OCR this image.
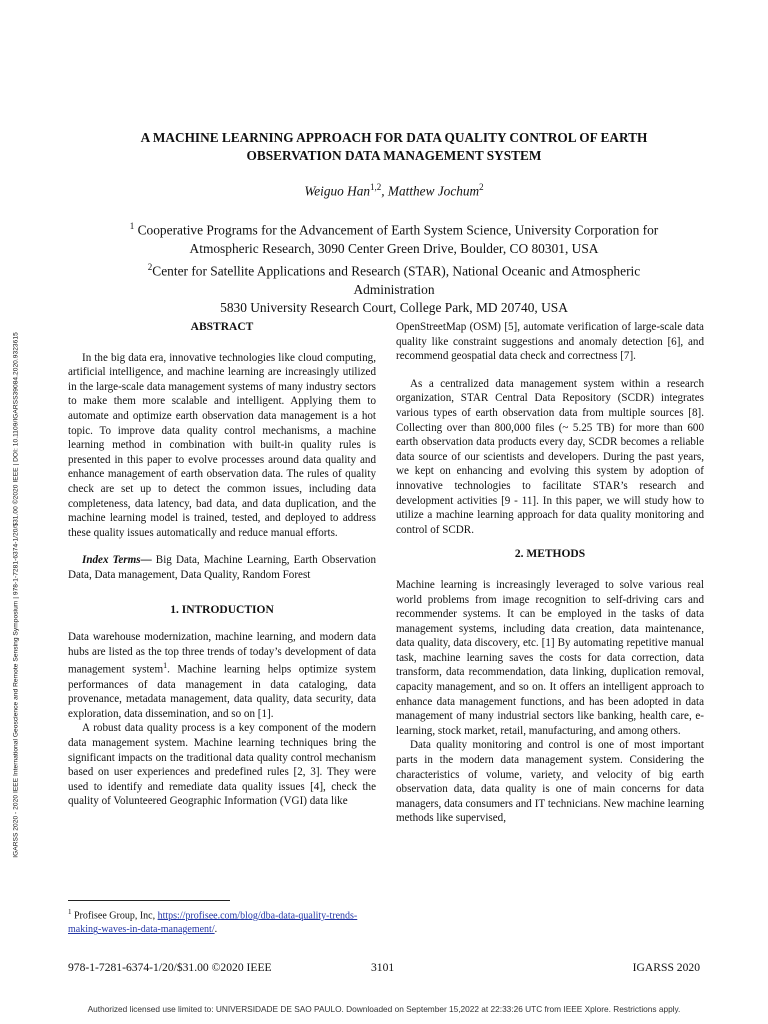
IGARSS 2020 - 2020 IEEE International Geoscience and Remote Sensing Symposium | 978-1-7281-6374-1/20/$31.00 ©2020 IEEE | DOI: 10.1109/IGARSS39084.2020.9323615
A MACHINE LEARNING APPROACH FOR DATA QUALITY CONTROL OF EARTH
OBSERVATION DATA MANAGEMENT SYSTEM

Weiguo Han$^{1,2}$, Matthew Jochum$^2$

$^1$ Cooperative Programs for the Advancement of Earth System Science, University Corporation for
Atmospheric Research, 3090 Center Green Drive, Boulder, CO 80301, USA
$^2$Center for Satellite Applications and Research (STAR), National Oceanic and Atmospheric
Administration
5830 University Research Court, College Park, MD 20740, USA
ABSTRACT

In the big data era, innovative technologies like cloud computing, artificial intelligence, and machine learning are increasingly utilized in the large-scale data management systems of many industry sectors to make them more scalable and intelligent. Applying them to automate and optimize earth observation data management is a hot topic. To improve data quality control mechanisms, a machine learning method in combination with built-in quality rules is presented in this paper to evolve processes around data quality and enhance management of earth observation data. The rules of quality check are set up to detect the common issues, including data completeness, data latency, bad data, and data duplication, and the machine learning model is trained, tested, and deployed to address these quality issues automatically and reduce manual efforts.

Index Terms— Big Data, Machine Learning, Earth Observation Data, Data management, Data Quality, Random Forest

1. INTRODUCTION

Data warehouse modernization, machine learning, and modern data hubs are listed as the top three trends of today’s development of data management system$^1$. Machine learning helps optimize system performances of data management in data cataloging, data provenance, metadata management, data quality, data security, data exploration, data dissemination, and so on [1].

A robust data quality process is a key component of the modern data management system. Machine learning techniques bring the significant impacts on the traditional data quality control mechanism based on user experiences and predefined rules [2, 3]. They were used to identify and remediate data quality issues [4], check the quality of Volunteered Geographic Information (VGI) data like

OpenStreetMap (OSM) [5], automate verification of large-scale data quality like constraint suggestions and anomaly detection [6], and recommend geospatial data check and correctness [7].

As a centralized data management system within a research organization, STAR Central Data Repository (SCDR) integrates various types of earth observation data from multiple sources [8]. Collecting over than 800,000 files (~ 5.25 TB) for more than 600 earth observation data products every day, SCDR becomes a reliable data source of our scientists and developers. During the past years, we kept on enhancing and evolving this system by adoption of innovative technologies to facilitate STAR’s research and development activities [9 - 11]. In this paper, we will study how to utilize a machine learning approach for data quality monitoring and control of SCDR.

2. METHODS

Machine learning is increasingly leveraged to solve various real world problems from image recognition to self-driving cars and recommender systems. It can be employed in the tasks of data management systems, including data creation, data maintenance, data quality, data discovery, etc. [1] By automating repetitive manual task, machine learning saves the costs for data correction, data transform, data recommendation, data linking, duplication removal, capacity management, and so on. It offers an intelligent approach to enhance data management functions, and has been adopted in data management of many industrial sectors like banking, health care, e-learning, stock market, retail, manufacturing, and among others.

Data quality monitoring and control is one of most important parts in the modern data management system. Considering the characteristics of volume, variety, and velocity of big earth observation data, data quality is one of main concerns for data managers, data consumers and IT technicians. New machine learning methods like supervised,

$^1$ Profisee Group, Inc, https://profisee.com/blog/dba-data-quality-trends-making-waves-in-data-management/.
978-1-7281-6374-1/20/$31.00 ©2020 IEEE	3101	IGARSS 2020
Authorized licensed use limited to: UNIVERSIDADE DE SAO PAULO. Downloaded on September 15,2022 at 22:33:26 UTC from IEEE Xplore. Restrictions apply.
